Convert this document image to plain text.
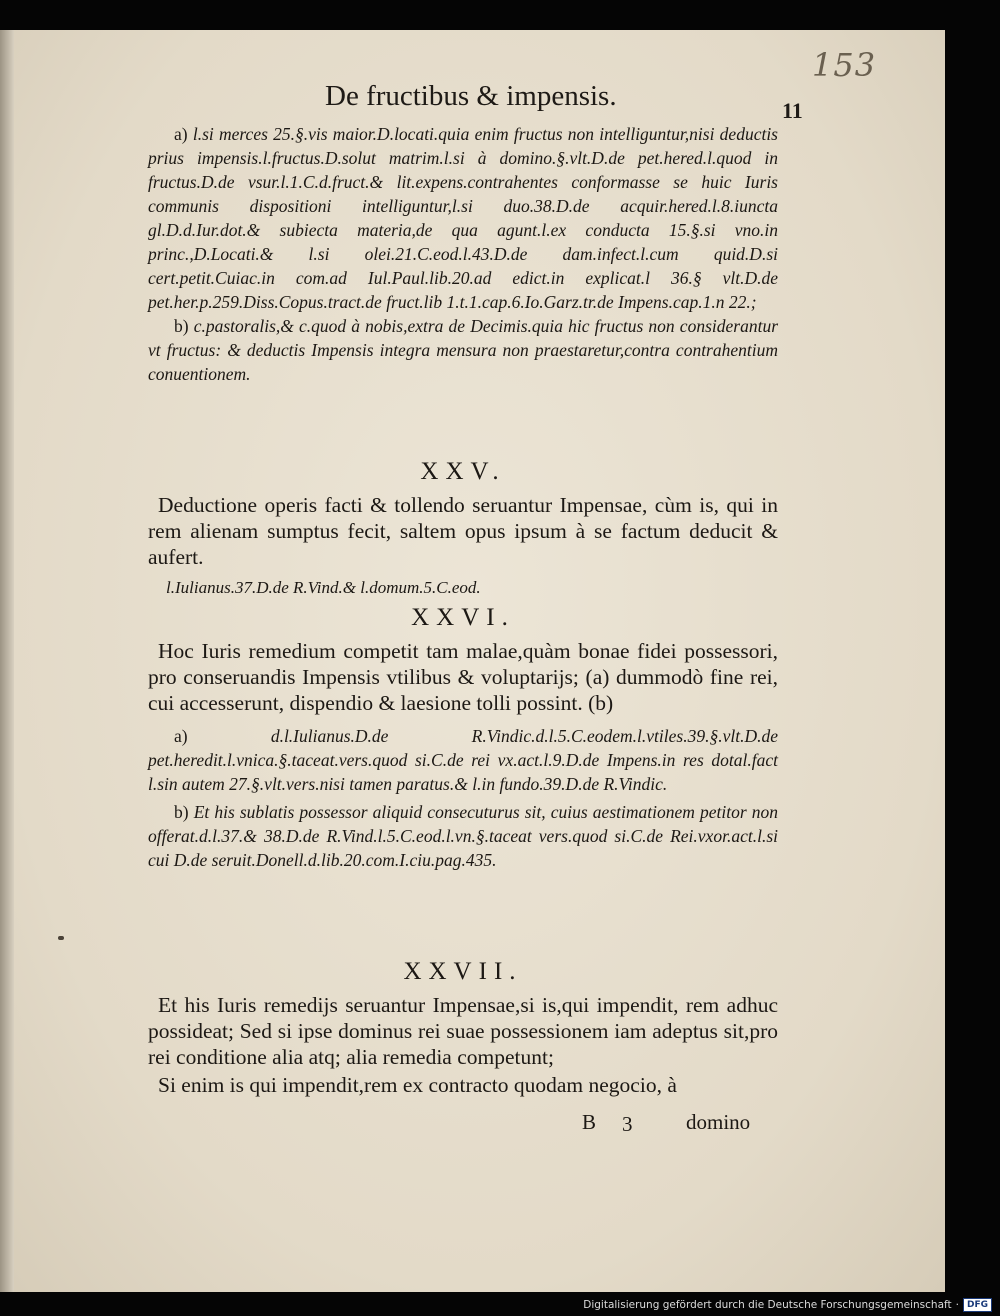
153
De fructibus & impensis.	11

a) l.si merces 25.§.vis maior.D.locati.quia enim fructus non intelliguntur,nisi deductis prius impensis.l.fructus.D.solut matrim.l.si à domino.§.vlt.D.de pet.hered.l.quod in fructus.D.de vsur.l.1.C.d.fruct.& lit.expens.contrahentes conformasse se huic Iuris communis dispositioni intelliguntur,l.si duo.38.D.de acquir.hered.l.8.iuncta gl.D.d.Iur.dot.& subiecta materia,de qua agunt.l.ex conducta 15.§.si vno.in princ.,D.Locati.& l.si olei.21.C.eod.l.43.D.de dam.infect.l.cum quid.D.si cert.petit.Cuiac.in com.ad Iul.Paul.lib.20.ad edict.in explicat.l 36.§ vlt.D.de pet.her.p.259.Diss.Copus.tract.de fruct.lib 1.t.1.cap.6.Io.Garz.tr.de Impens.cap.1.n 22.;

b) c.pastoralis,& c.quod à nobis,extra de Decimis.quia hic fructus non considerantur vt fructus: & deductis Impensis integra mensura non praestaretur,contra contrahentium conuentionem.

XXV.

Deductione operis facti & tollendo seruantur Impensae, cùm is, qui in rem alienam sumptus fecit, saltem opus ipsum à se factum deducit & aufert.

l.Iulianus.37.D.de R.Vind.& l.domum.5.C.eod.

XXVI.

Hoc Iuris remedium competit tam malae,quàm bonae fidei possessori, pro conseruandis Impensis vtilibus & voluptarijs; (a) dummodò fine rei, cui accesserunt, dispendio & laesione tolli possint. (b)

a)	d.l.Iulianus.D.de R.Vindic.d.l.5.C.eodem.l.vtiles.39.§.vlt.D.de pet.heredit.l.vnica.§.taceat.vers.quod si.C.de rei vx.act.l.9.D.de Impens.in res dotal.fact l.sin autem 27.§.vlt.vers.nisi tamen paratus.& l.in fundo.39.D.de R.Vindic.

b) Et his sublatis possessor aliquid consecuturus sit, cuius aestimationem petitor non offerat.d.l.37.& 38.D.de R.Vind.l.5.C.eod.l.vn.§.taceat vers.quod si.C.de Rei.vxor.act.l.si cui D.de seruit.Donell.d.lib.20.com.I.ciu.pag.435.

XXVII.

Et his Iuris remedijs seruantur Impensae,si is,qui impendit, rem adhuc possideat; Sed si ipse dominus rei suae possessionem iam adeptus sit,pro rei conditione alia atq; alia remedia competunt;

Si enim is qui impendit,rem ex contracto quodam negocio, à

B 3	domino
Digitalisierung gefördert durch die Deutsche Forschungsgemeinschaft · DFG
